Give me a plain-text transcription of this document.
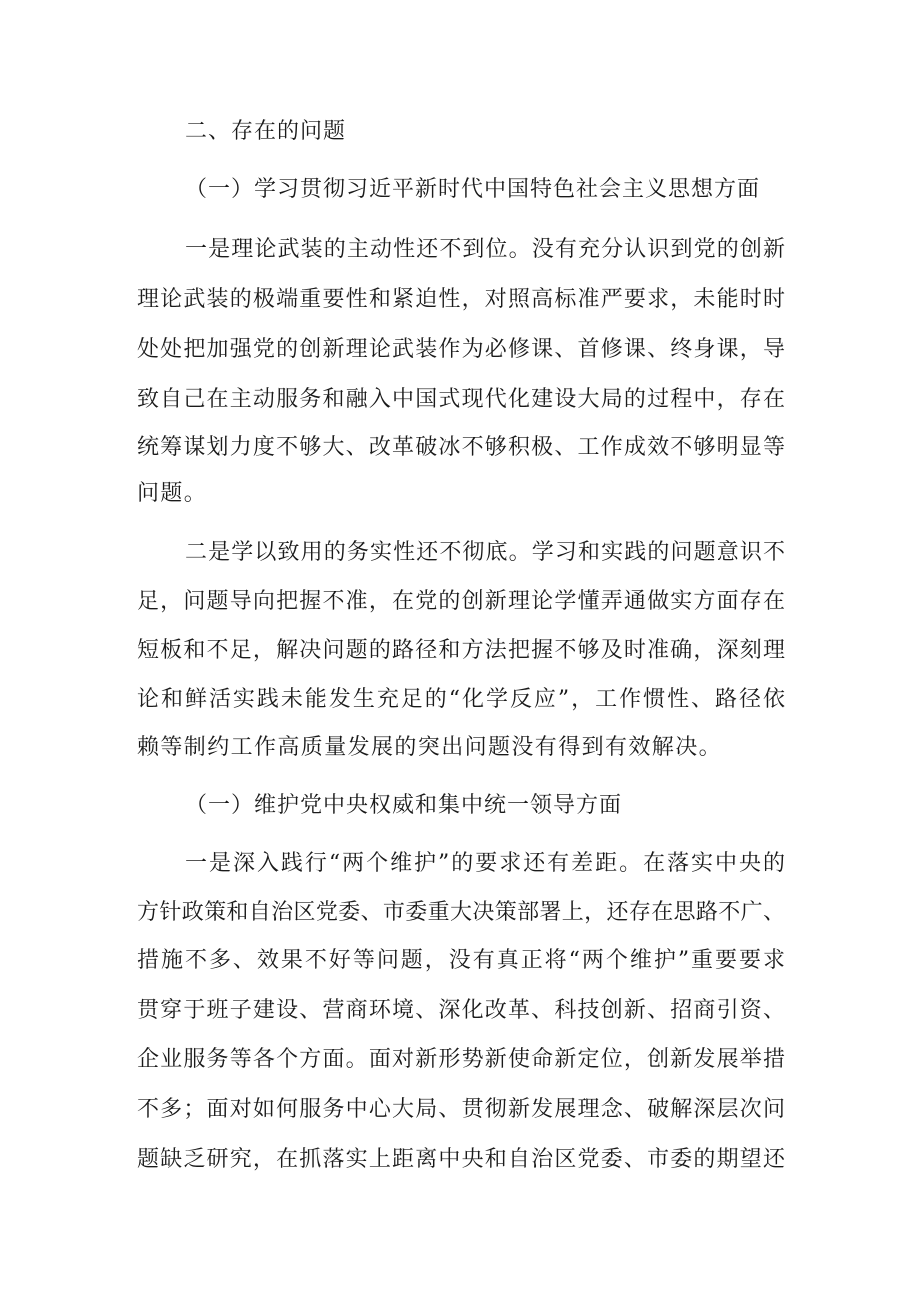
二、存在的问题

（一）学习贯彻习近平新时代中国特色社会主义思想方面

一是理论武装的主动性还不到位。没有充分认识到党的创新

理论武装的极端重要性和紧迫性，对照高标准严要求，未能时时

处处把加强党的创新理论武装作为必修课、首修课、终身课，导

致自己在主动服务和融入中国式现代化建设大局的过程中，存在

统筹谋划力度不够大、改革破冰不够积极、工作成效不够明显等

问题。

二是学以致用的务实性还不彻底。学习和实践的问题意识不

足，问题导向把握不准，在党的创新理论学懂弄通做实方面存在

短板和不足，解决问题的路径和方法把握不够及时准确，深刻理

论和鲜活实践未能发生充足的“化学反应”，工作惯性、路径依

赖等制约工作高质量发展的突出问题没有得到有效解决。

（一）维护党中央权威和集中统一领导方面

一是深入践行“两个维护”的要求还有差距。在落实中央的

方针政策和自治区党委、市委重大决策部署上，还存在思路不广、

措施不多、效果不好等问题，没有真正将“两个维护”重要要求

贯穿于班子建设、营商环境、深化改革、科技创新、招商引资、

企业服务等各个方面。面对新形势新使命新定位，创新发展举措

不多；面对如何服务中心大局、贯彻新发展理念、破解深层次问

题缺乏研究，在抓落实上距离中央和自治区党委、市委的期望还
